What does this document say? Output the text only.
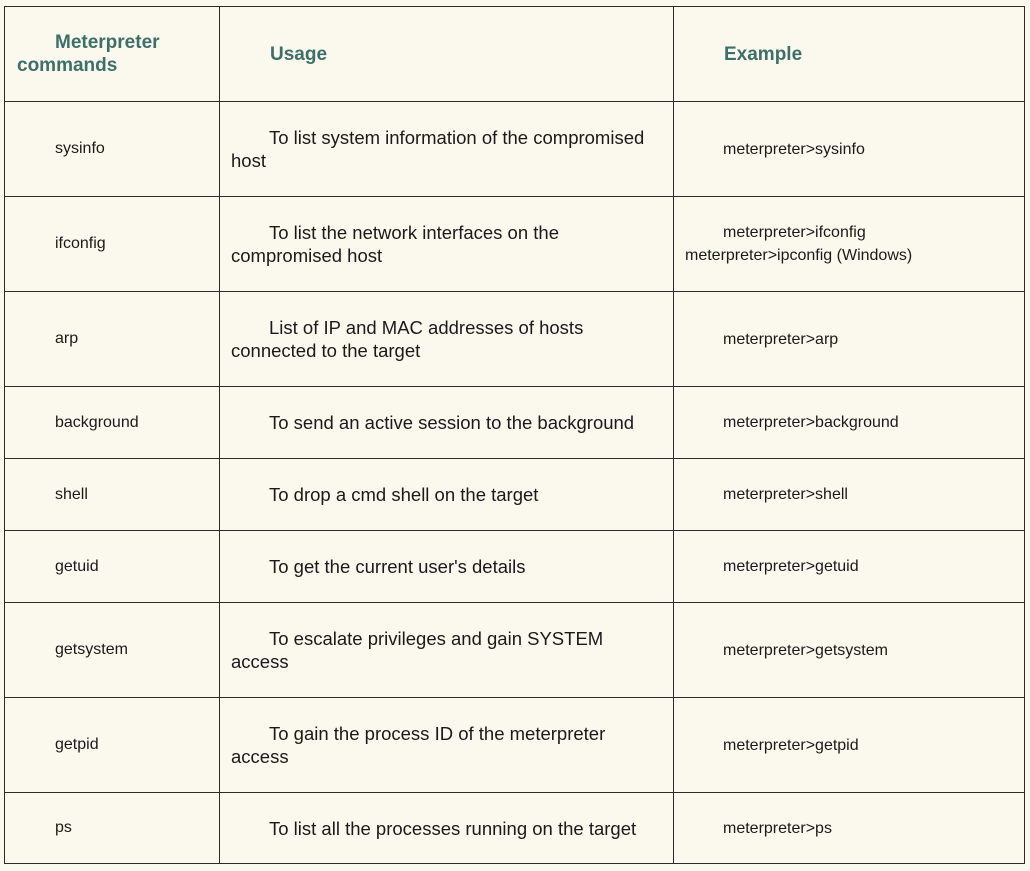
Meterpreter commands	Usage	Example

sysinfo	To list system information of the compromised host	meterpreter>sysinfo

ifconfig	To list the network interfaces on the compromised host	meterpreter>ifconfig meterpreter>ipconfig (Windows)

arp	List of IP and MAC addresses of hosts connected to the target	meterpreter>arp

background	To send an active session to the background	meterpreter>background

shell	To drop a cmd shell on the target	meterpreter>shell

getuid	To get the current user's details	meterpreter>getuid

getsystem	To escalate privileges and gain SYSTEM access	meterpreter>getsystem

getpid	To gain the process ID of the meterpreter access	meterpreter>getpid

ps	To list all the processes running on the target	meterpreter>ps
